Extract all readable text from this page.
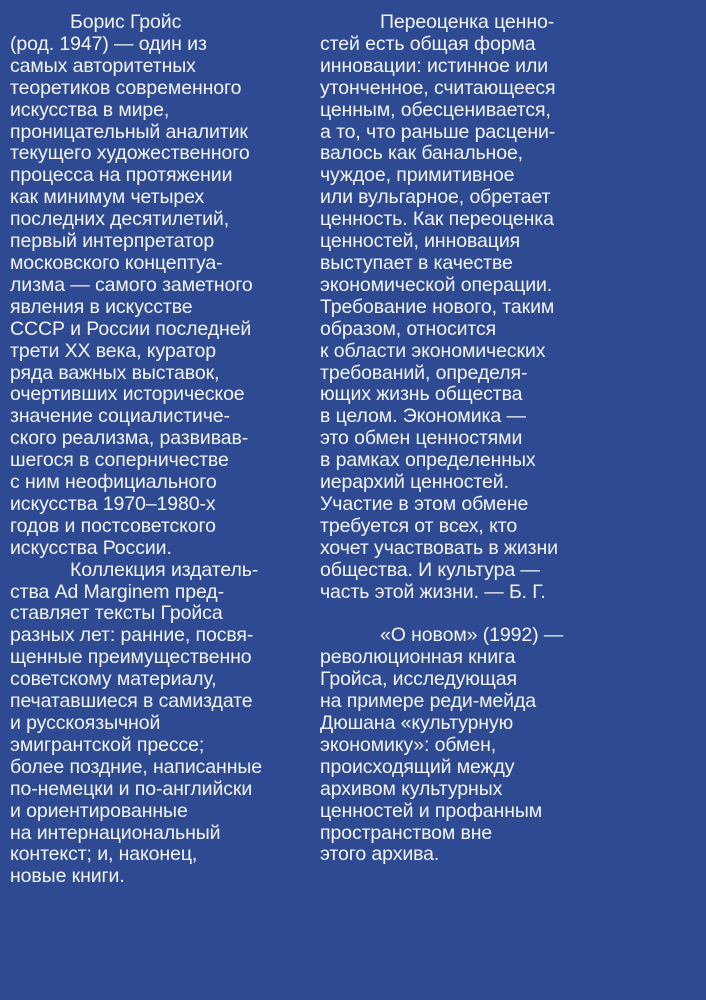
Борис Гройс
(род. 1947) — один из
самых авторитетных
теоретиков современного
искусства в мире,
проницательный аналитик
текущего художественного
процесса на протяжении
как минимум четырех
последних десятилетий,
первый интерпретатор
московского концептуа-
лизма — самого заметного
явления в искусстве
СССР и России последней
трети XX века, куратор
ряда важных выставок,
очертивших историческое
значение социалистиче-
ского реализма, развивав-
шегося в соперничестве
с ним неофициального
искусства 1970–1980-х
годов и постсоветского
искусства России.
Коллекция издатель-
ства Ad Marginem пред-
ставляет тексты Гройса
разных лет: ранние, посвя-
щенные преимущественно
советскому материалу,
печатавшиеся в самиздате
и русскоязычной
эмигрантской прессе;
более поздние, написанные
по-немецки и по-английски
и ориентированные
на интернациональный
контекст; и, наконец,
новые книги.
Переоценка ценно-
стей есть общая форма
инновации: истинное или
утонченное, считающееся
ценным, обесценивается,
а то, что раньше расцени-
валось как банальное,
чуждое, примитивное
или вульгарное, обретает
ценность. Как переоценка
ценностей, инновация
выступает в качестве
экономической операции.
Требование нового, таким
образом, относится
к области экономических
требований, определя-
ющих жизнь общества
в целом. Экономика —
это обмен ценностями
в рамках определенных
иерархий ценностей.
Участие в этом обмене
требуется от всех, кто
хочет участвовать в жизни
общества. И культура —
часть этой жизни. — Б. Г.
«О новом» (1992) —
революционная книга
Гройса, исследующая
на примере реди-мейда
Дюшана «культурную
экономику»: обмен,
происходящий между
архивом культурных
ценностей и профанным
пространством вне
этого архива.
